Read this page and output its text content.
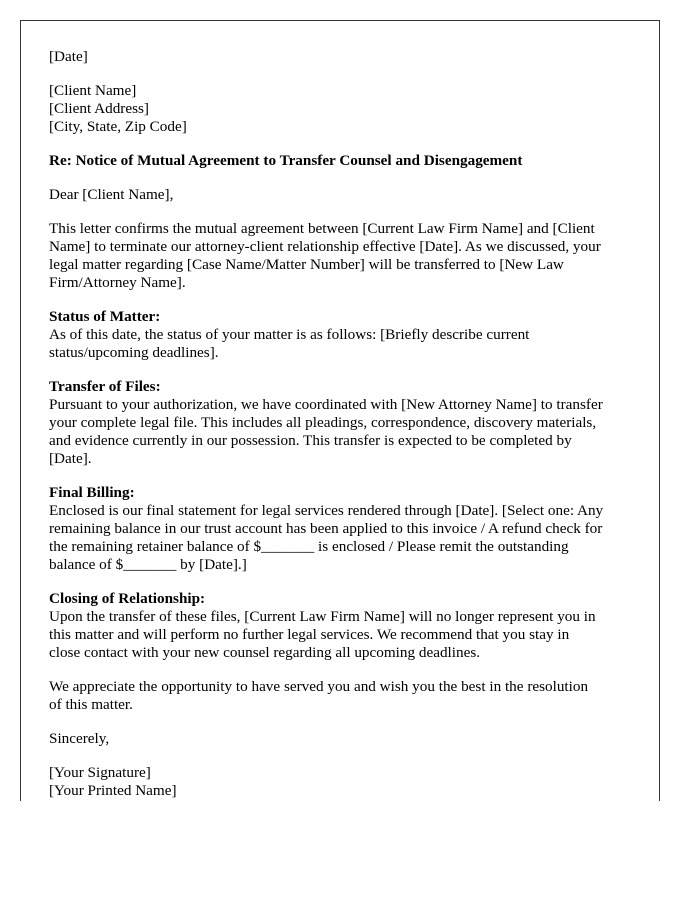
[Date]
[Client Name]
[Client Address]
[City, State, Zip Code]
Re: Notice of Mutual Agreement to Transfer Counsel and Disengagement
Dear [Client Name],
This letter confirms the mutual agreement between [Current Law Firm Name] and [Client
Name] to terminate our attorney-client relationship effective [Date]. As we discussed, your
legal matter regarding [Case Name/Matter Number] will be transferred to [New Law
Firm/Attorney Name].
Status of Matter:
As of this date, the status of your matter is as follows: [Briefly describe current
status/upcoming deadlines].
Transfer of Files:
Pursuant to your authorization, we have coordinated with [New Attorney Name] to transfer
your complete legal file. This includes all pleadings, correspondence, discovery materials,
and evidence currently in our possession. This transfer is expected to be completed by
[Date].
Final Billing:
Enclosed is our final statement for legal services rendered through [Date]. [Select one: Any
remaining balance in our trust account has been applied to this invoice / A refund check for
the remaining retainer balance of $_______ is enclosed / Please remit the outstanding
balance of $_______ by [Date].]
Closing of Relationship:
Upon the transfer of these files, [Current Law Firm Name] will no longer represent you in
this matter and will perform no further legal services. We recommend that you stay in
close contact with your new counsel regarding all upcoming deadlines.
We appreciate the opportunity to have served you and wish you the best in the resolution
of this matter.
Sincerely,
[Your Signature]
[Your Printed Name]
